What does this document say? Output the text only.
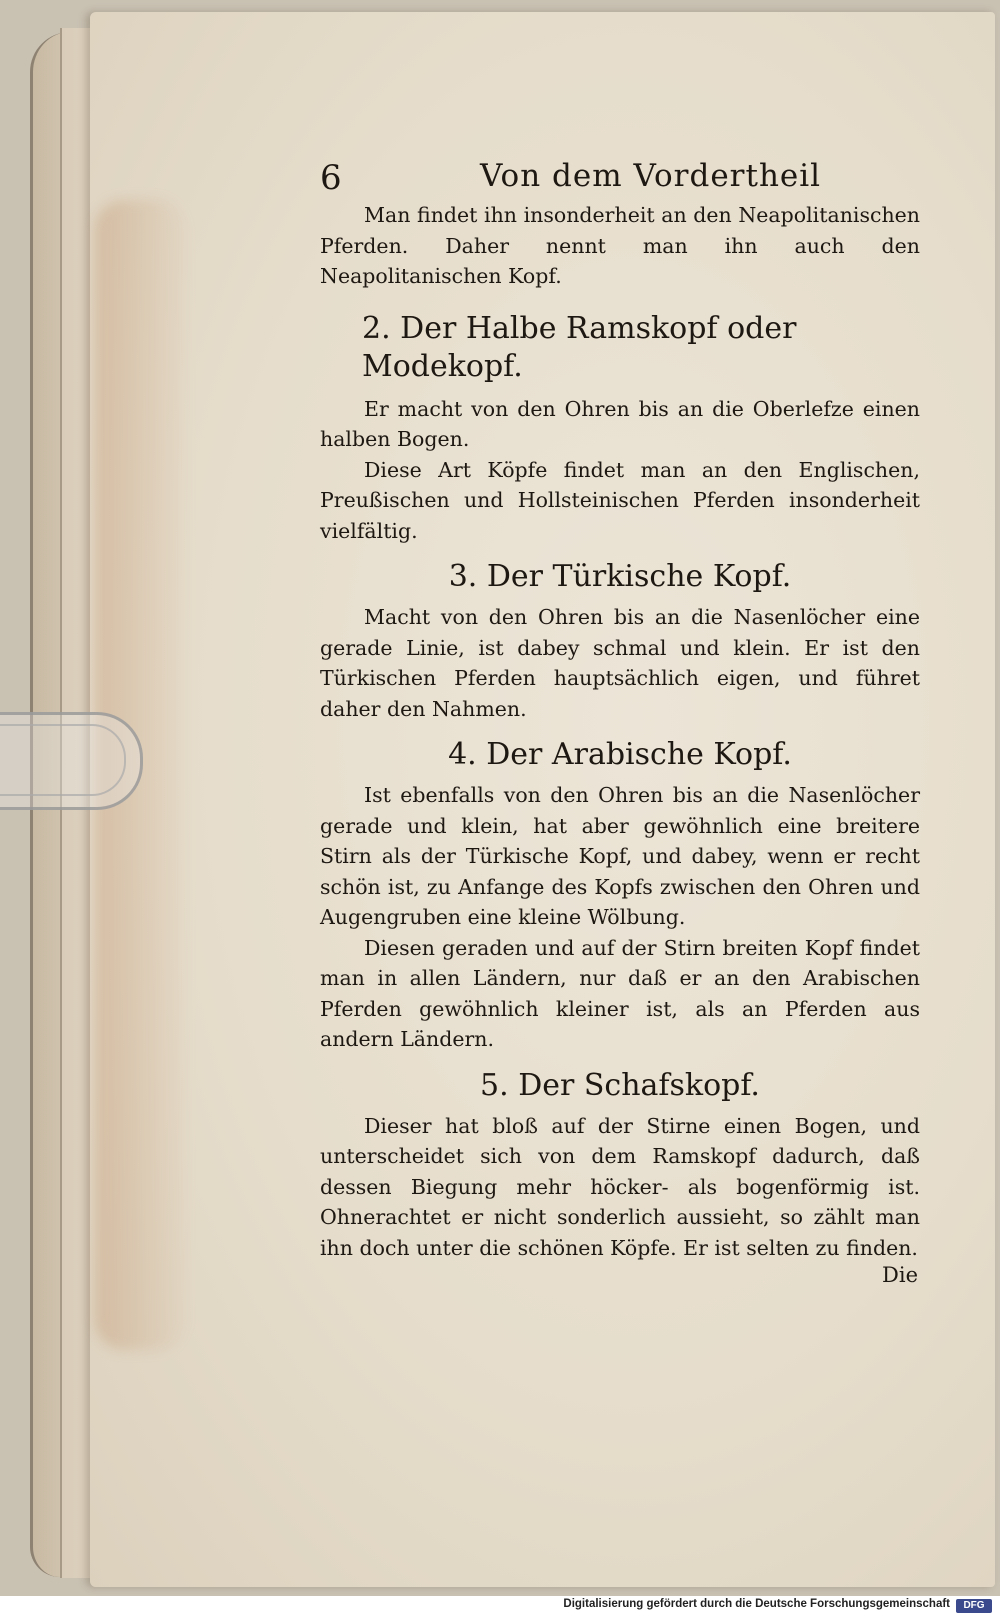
6	Von dem Vordertheil

Man findet ihn insonderheit an den Neapolitanischen Pferden. Daher nennt man ihn auch den Neapolitanischen Kopf.

2. Der Halbe Ramskopf oder Modekopf.

Er macht von den Ohren bis an die Oberlefze einen halben Bogen.

Diese Art Köpfe findet man an den Englischen, Preußischen und Hollsteinischen Pferden insonderheit vielfältig.

3. Der Türkische Kopf.

Macht von den Ohren bis an die Nasenlöcher eine gerade Linie, ist dabey schmal und klein. Er ist den Türkischen Pferden hauptsächlich eigen, und führet daher den Nahmen.

4. Der Arabische Kopf.

Ist ebenfalls von den Ohren bis an die Nasenlöcher gerade und klein, hat aber gewöhnlich eine breitere Stirn als der Türkische Kopf, und dabey, wenn er recht schön ist, zu Anfange des Kopfs zwischen den Ohren und Augengruben eine kleine Wölbung.

Diesen geraden und auf der Stirn breiten Kopf findet man in allen Ländern, nur daß er an den Arabischen Pferden gewöhnlich kleiner ist, als an Pferden aus andern Ländern.

5. Der Schafskopf.

Dieser hat bloß auf der Stirne einen Bogen, und unterscheidet sich von dem Ramskopf dadurch, daß dessen Biegung mehr höcker- als bogenförmig ist. Ohnerachtet er nicht sonderlich aussieht, so zählt man ihn doch unter die schönen Köpfe. Er ist selten zu finden.

Die
Digitalisierung gefördert durch die Deutsche Forschungsgemeinschaft	DFG
